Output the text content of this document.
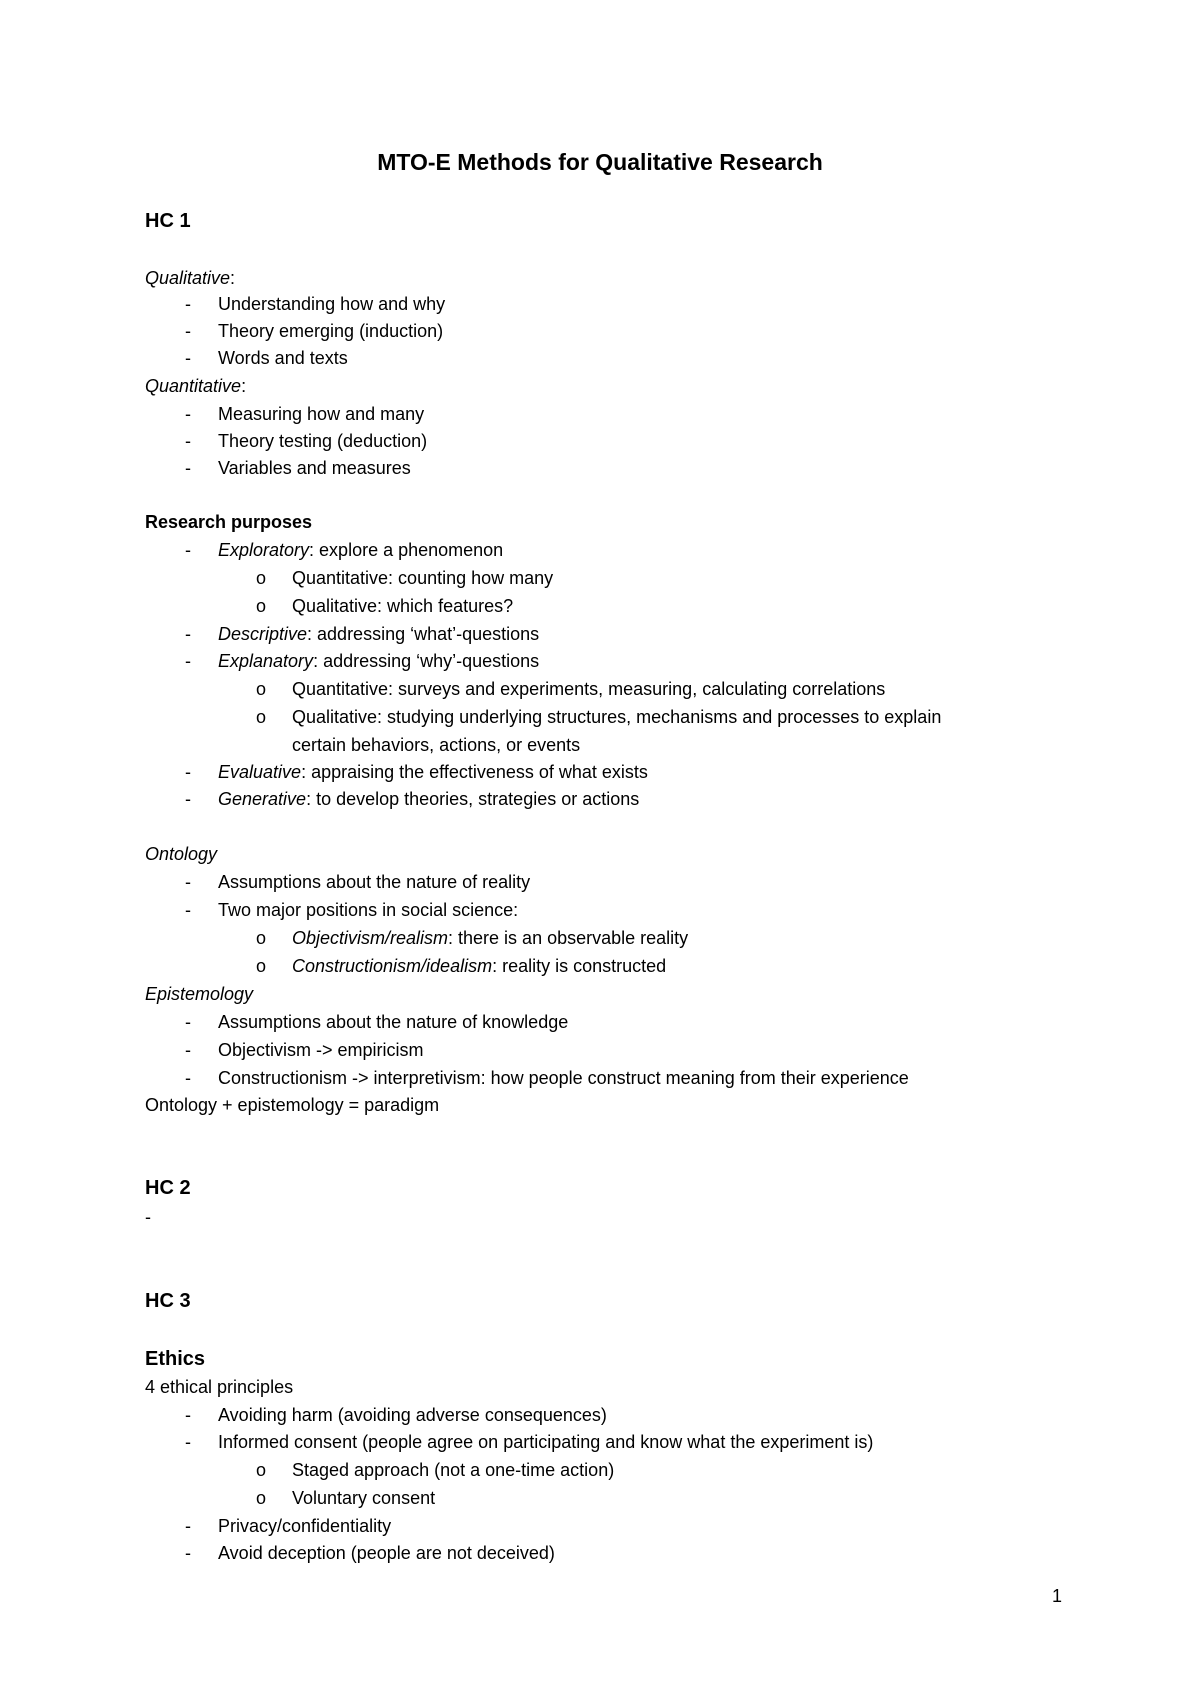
MTO-E Methods for Qualitative Research
HC 1
Qualitative:
- Understanding how and why
- Theory emerging (induction)
- Words and texts
Quantitative:
- Measuring how and many
- Theory testing (deduction)
- Variables and measures
Research purposes
- Exploratory: explore a phenomenon
o Quantitative: counting how many
o Qualitative: which features?
- Descriptive: addressing ‘what’-questions
- Explanatory: addressing ‘why’-questions
o Quantitative: surveys and experiments, measuring, calculating correlations
o Qualitative: studying underlying structures, mechanisms and processes to explain
certain behaviors, actions, or events
- Evaluative: appraising the effectiveness of what exists
- Generative: to develop theories, strategies or actions
Ontology
- Assumptions about the nature of reality
- Two major positions in social science:
o Objectivism/realism: there is an observable reality
o Constructionism/idealism: reality is constructed
Epistemology
- Assumptions about the nature of knowledge
- Objectivism -> empiricism
- Constructionism -> interpretivism: how people construct meaning from their experience
Ontology + epistemology = paradigm
HC 2
-
HC 3
Ethics
4 ethical principles
- Avoiding harm (avoiding adverse consequences)
- Informed consent (people agree on participating and know what the experiment is)
o Staged approach (not a one-time action)
o Voluntary consent
- Privacy/confidentiality
- Avoid deception (people are not deceived)
1
